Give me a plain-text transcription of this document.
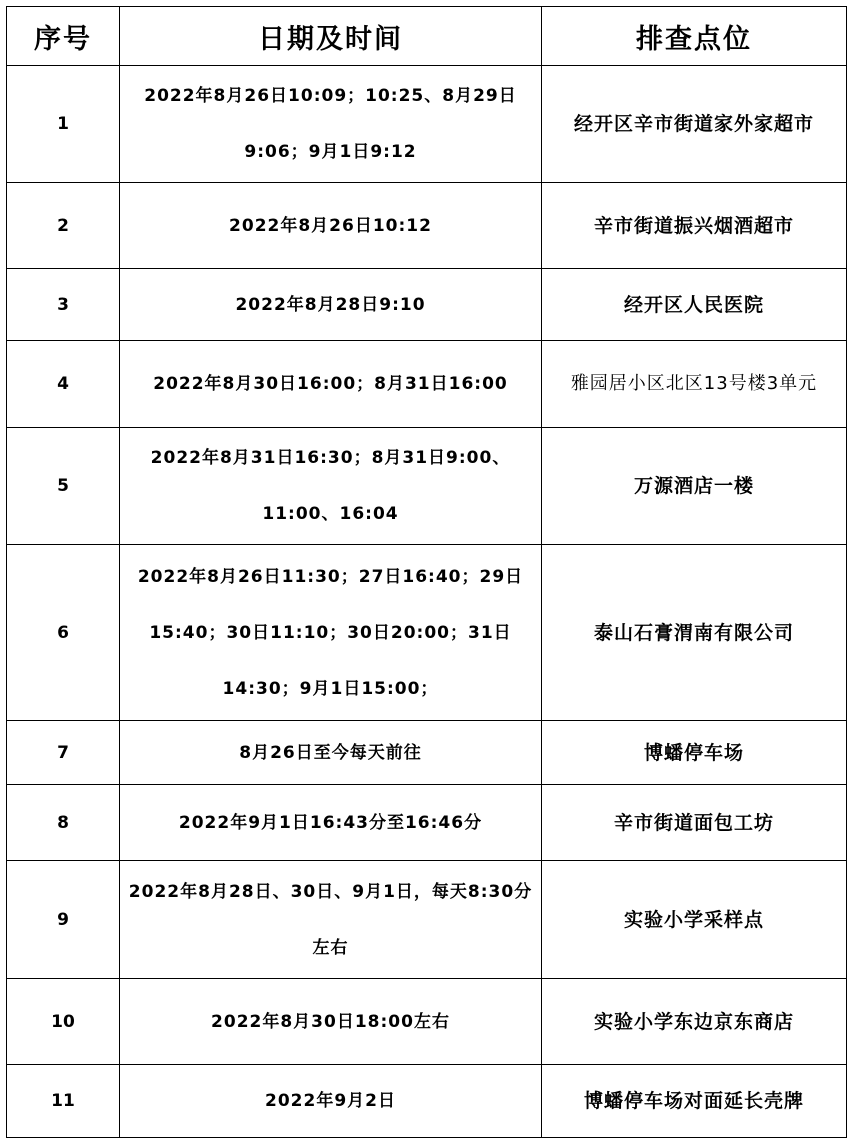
序号	日期及时间	排查点位
1	2022年8月26日10:09；10:25、8月29日9:06；9月1日9:12	经开区辛市街道家外家超市
2	2022年8月26日10:12	辛市街道振兴烟酒超市
3	2022年8月28日9:10	经开区人民医院
4	2022年8月30日16:00；8月31日16:00	雅园居小区北区13号楼3单元
5	2022年8月31日16:30；8月31日9:00、11:00、16:04	万源酒店一楼
6	2022年8月26日11:30；27日16:40；29日15:40；30日11:10；30日20:00；31日14:30；9月1日15:00；	泰山石膏渭南有限公司
7	8月26日至今每天前往	博蟠停车场
8	2022年9月1日16:43分至16:46分	辛市街道面包工坊
9	2022年8月28日、30日、9月1日，每天8:30分左右	实验小学采样点
10	2022年8月30日18:00左右	实验小学东边京东商店
11	2022年9月2日	博蟠停车场对面延长壳牌
